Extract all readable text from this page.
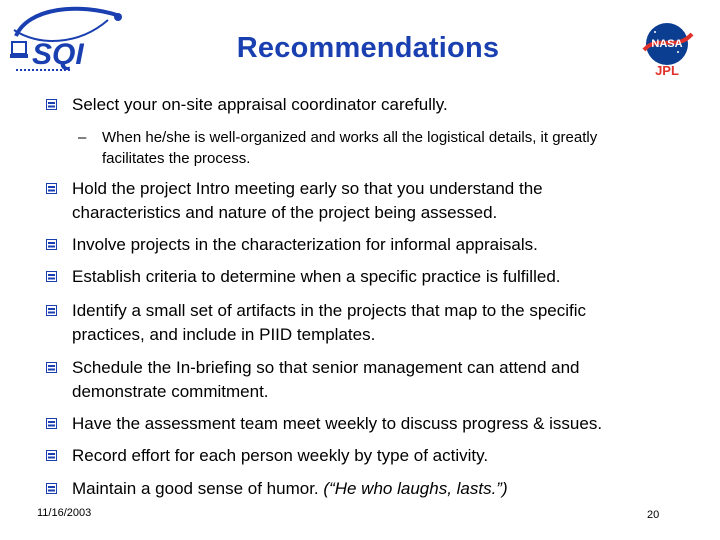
SQI	Recommendations	NASA
JPL
Select your on-site appraisal coordinator carefully.
– When he/she is well-organized and works all the logistical details, it greatly
facilitates the process.
Hold the project Intro meeting early so that you understand the
characteristics and nature of the project being assessed.
Involve projects in the characterization for informal appraisals.
Establish criteria to determine when a specific practice is fulfilled.
Identify a small set of artifacts in the projects that map to the specific
practices, and include in PIID templates.
Schedule the In-briefing so that senior management can attend and
demonstrate commitment.
Have the assessment team meet weekly to discuss progress & issues.
Record effort for each person weekly by type of activity.
Maintain a good sense of humor. (“He who laughs, lasts.”)
11/16/2003	20
